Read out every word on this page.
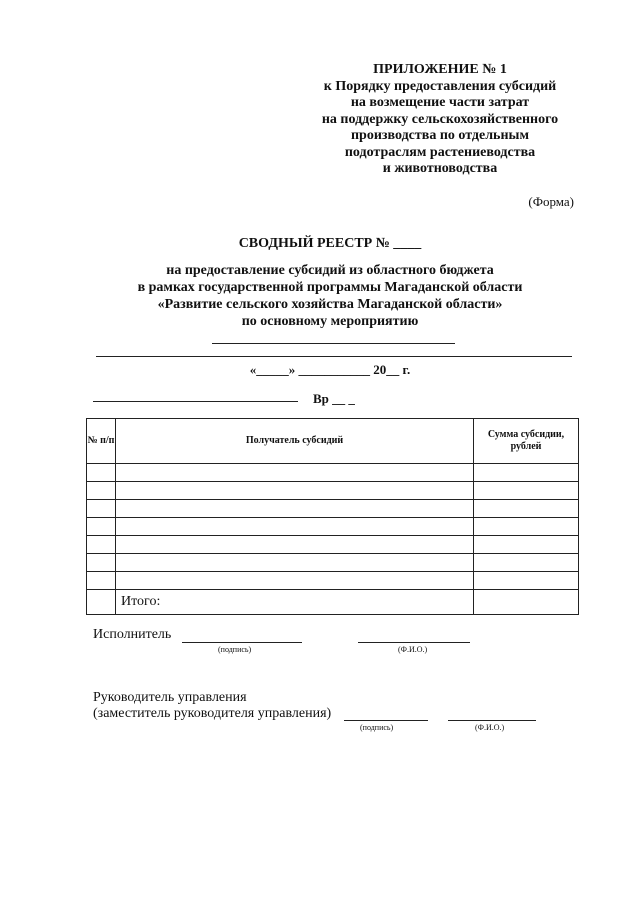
ПРИЛОЖЕНИЕ № 1
к Порядку предоставления субсидий
на возмещение части затрат
на поддержку сельскохозяйственного
производства по отдельным
подотраслям растениеводства
и животноводства
(Форма)
СВОДНЫЙ РЕЕСТР № ____
на предоставление субсидий из областного бюджета
в рамках государственной программы Магаданской области
«Развитие сельского хозяйства Магаданской области»
по основному мероприятию
«_____» ___________ 20__ г.
Вр __ _
№ п/п	Получатель субсидий	Сумма субсидии, рублей

	Итого:	
Исполнитель
(подпись)	(Ф.И.О.)
Руководитель управления
(заместитель руководителя управления)
(подпись)	(Ф.И.О.)
